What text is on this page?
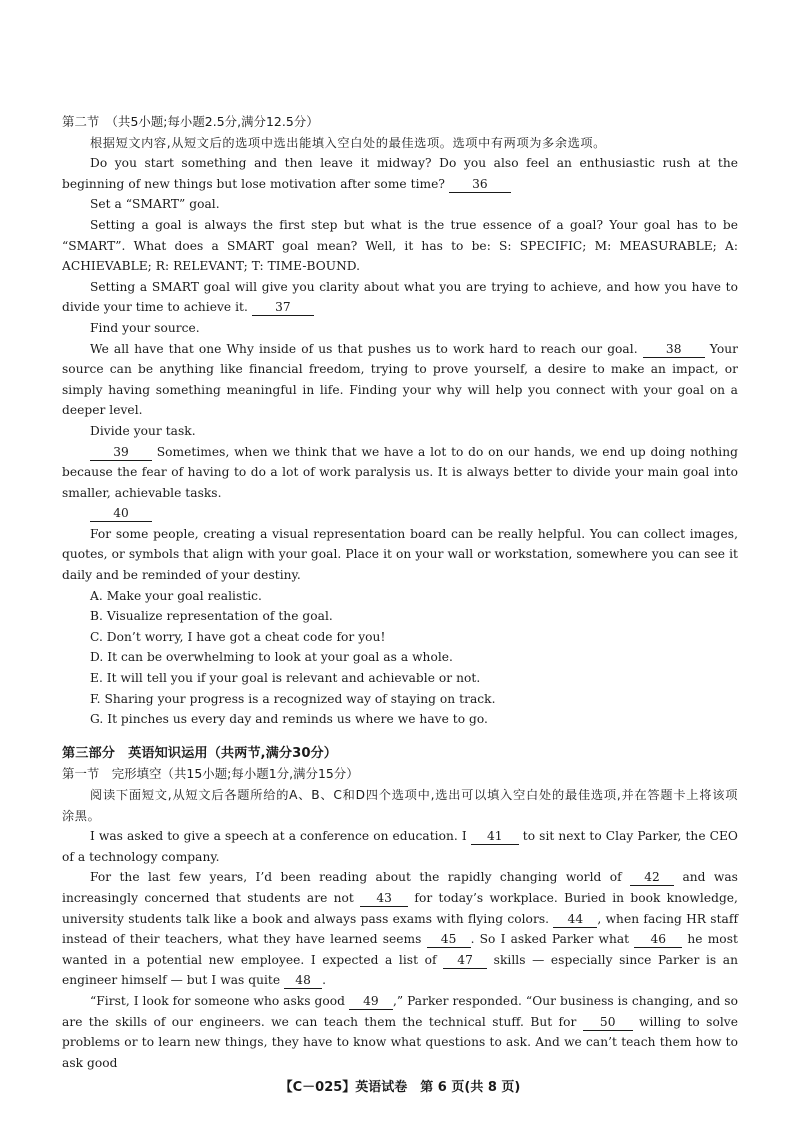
第二节　（共5小题;每小题2.5分,满分12.5分）

根据短文内容,从短文后的选项中选出能填入空白处的最佳选项。选项中有两项为多余选项。

Do you start something and then leave it midway? Do you also feel an enthusiastic rush at the beginning of new things but lose motivation after some time? 36

Set a “SMART” goal.

Setting a goal is always the first step but what is the true essence of a goal? Your goal has to be “SMART”. What does a SMART goal mean? Well, it has to be: S: SPECIFIC; M: MEASURABLE; A: ACHIEVABLE; R: RELEVANT; T: TIME-BOUND.

Setting a SMART goal will give you clarity about what you are trying to achieve, and how you have to divide your time to achieve it. 37

Find your source.

We all have that one Why inside of us that pushes us to work hard to reach our goal. 38 Your source can be anything like financial freedom, trying to prove yourself, a desire to make an impact, or simply having something meaningful in life. Finding your why will help you connect with your goal on a deeper level.

Divide your task.

39 Sometimes, when we think that we have a lot to do on our hands, we end up doing nothing because the fear of having to do a lot of work paralysis us. It is always better to divide your main goal into smaller, achievable tasks.

40

For some people, creating a visual representation board can be really helpful. You can collect images, quotes, or symbols that align with your goal. Place it on your wall or workstation, somewhere you can see it daily and be reminded of your destiny.

A. Make your goal realistic.

B. Visualize representation of the goal.

C. Don’t worry, I have got a cheat code for you!

D. It can be overwhelming to look at your goal as a whole.

E. It will tell you if your goal is relevant and achievable or not.

F. Sharing your progress is a recognized way of staying on track.

G. It pinches us every day and reminds us where we have to go.

第三部分　英语知识运用（共两节,满分30分）

第一节　完形填空（共15小题;每小题1分,满分15分）

阅读下面短文,从短文后各题所给的A、B、C和D四个选项中,选出可以填入空白处的最佳选项,并在答题卡上将该项涂黑。

I was asked to give a speech at a conference on education. I 41 to sit next to Clay Parker, the CEO of a technology company.

For the last few years, I’d been reading about the rapidly changing world of 42 and was increasingly concerned that students are not 43 for today’s workplace. Buried in book knowledge, university students talk like a book and always pass exams with flying colors. 44 , when facing HR staff instead of their teachers, what they have learned seems 45 . So I asked Parker what 46 he most wanted in a potential new employee. I expected a list of 47 skills — especially since Parker is an engineer himself — but I was quite 48 .

“First, I look for someone who asks good 49 ,” Parker responded. “Our business is changing, and so are the skills of our engineers. we can teach them the technical stuff. But for 50 willing to solve problems or to learn new things, they have to know what questions to ask. And we can’t teach them how to ask good

【C－025】英语试卷　第 6 页(共 8 页)
